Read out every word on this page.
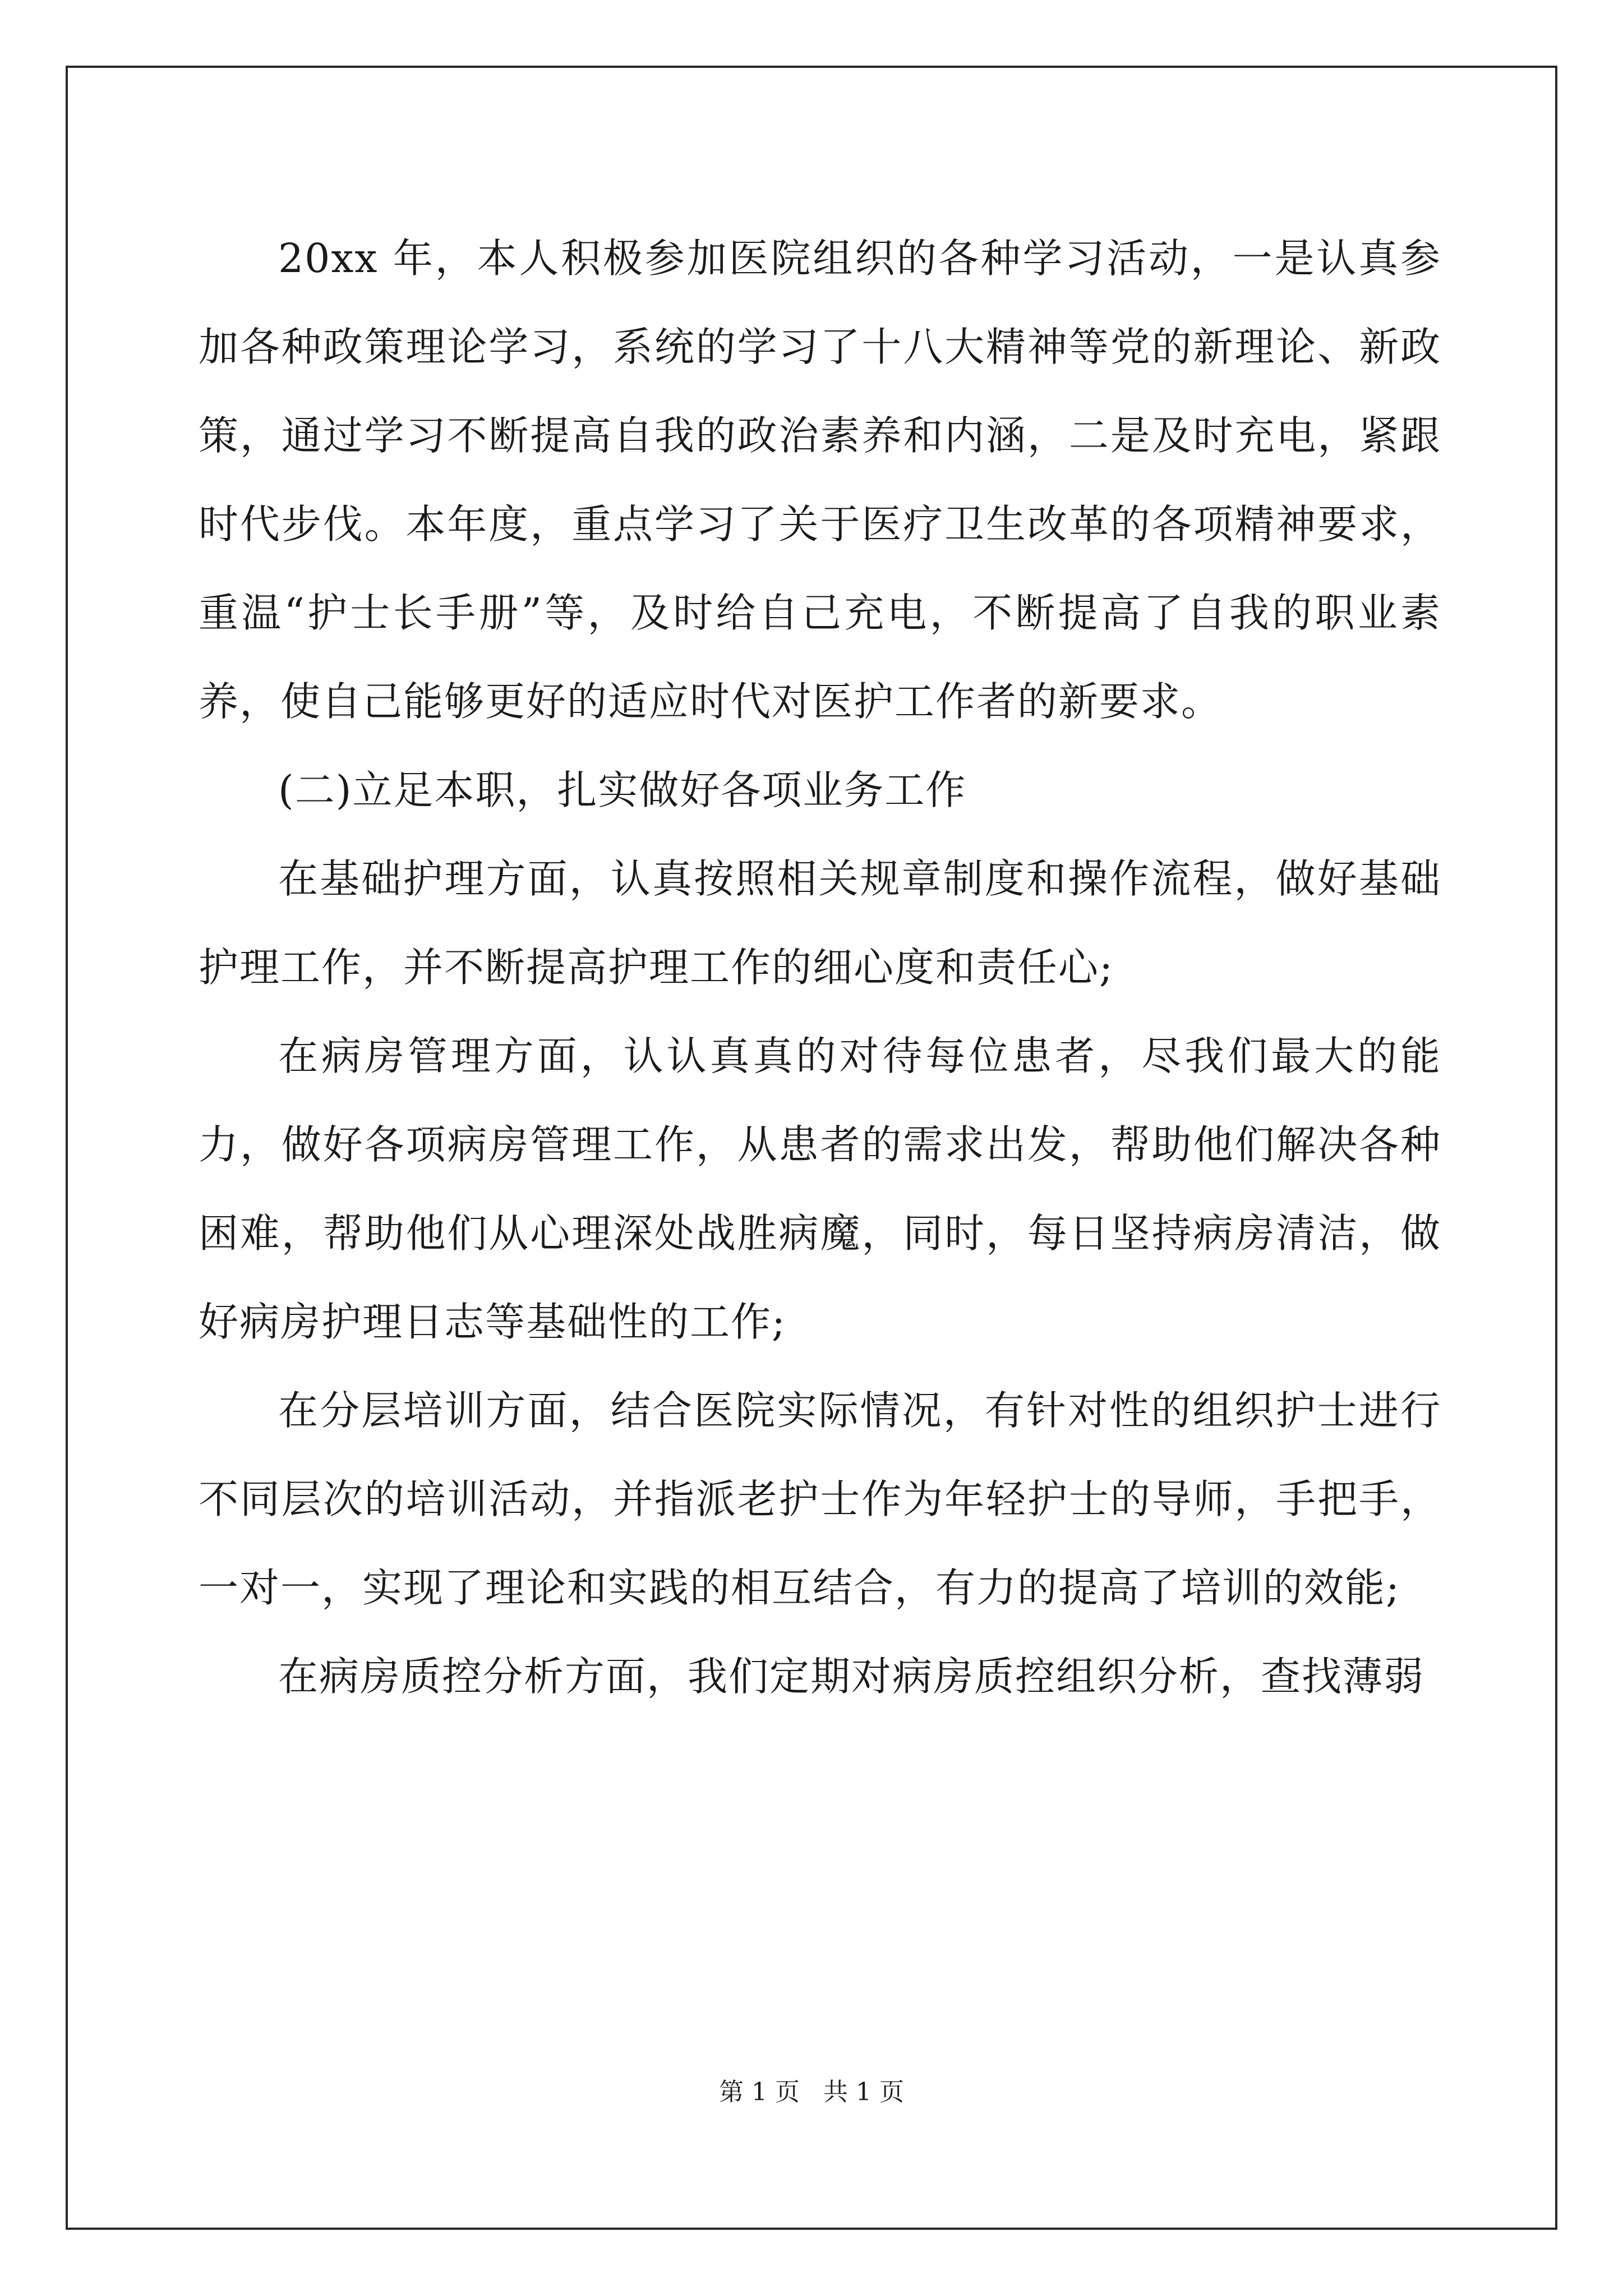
20xx 年，本人积极参加医院组织的各种学习活动，一是认真参加各种政策理论学习，系统的学习了十八大精神等党的新理论、新政策，通过学习不断提高自我的政治素养和内涵，二是及时充电，紧跟时代步伐。本年度，重点学习了关于医疗卫生改革的各项精神要求，重温“护士长手册”等，及时给自己充电，不断提高了自我的职业素养，使自己能够更好的适应时代对医护工作者的新要求。

(二)立足本职，扎实做好各项业务工作

在基础护理方面，认真按照相关规章制度和操作流程，做好基础护理工作，并不断提高护理工作的细心度和责任心;

在病房管理方面，认认真真的对待每位患者，尽我们最大的能力，做好各项病房管理工作，从患者的需求出发，帮助他们解决各种困难，帮助他们从心理深处战胜病魔，同时，每日坚持病房清洁，做好病房护理日志等基础性的工作;

在分层培训方面，结合医院实际情况，有针对性的组织护士进行不同层次的培训活动，并指派老护士作为年轻护士的导师，手把手，一对一，实现了理论和实践的相互结合，有力的提高了培训的效能;

在病房质控分析方面，我们定期对病房质控组织分析，查找薄弱

第 1 页   共 1 页
